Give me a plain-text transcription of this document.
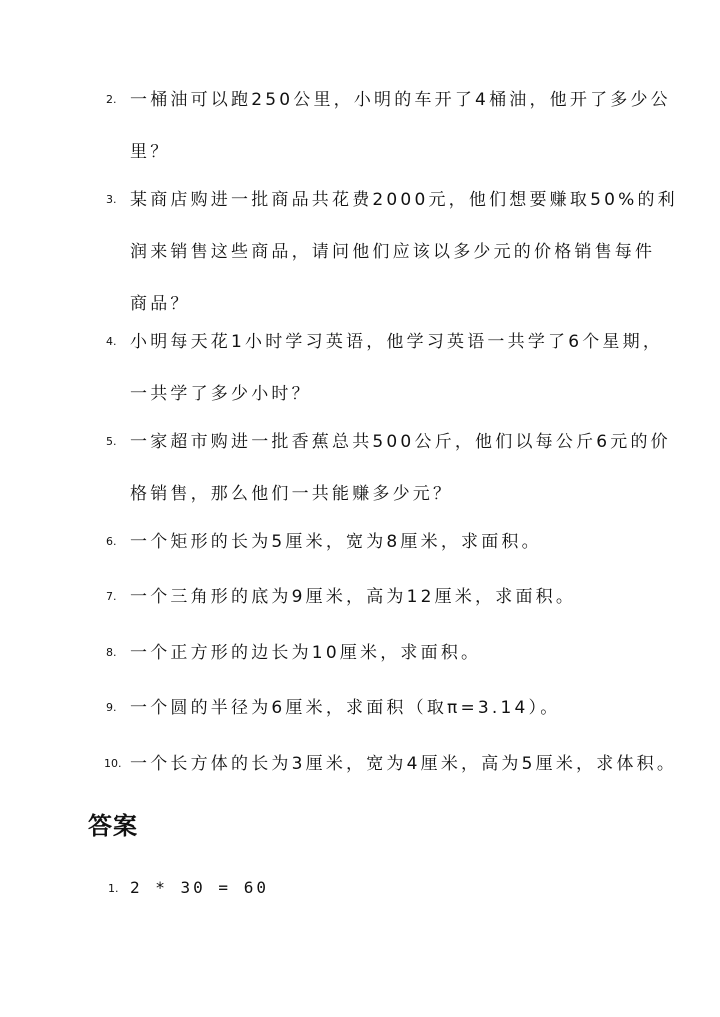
2. 一桶油可以跑250公里，小明的车开了4桶油，他开了多少公
里？
3. 某商店购进一批商品共花费2000元，他们想要赚取50%的利
润来销售这些商品，请问他们应该以多少元的价格销售每件
商品？
4. 小明每天花1小时学习英语，他学习英语一共学了6个星期，
一共学了多少小时？
5. 一家超市购进一批香蕉总共500公斤，他们以每公斤6元的价
格销售，那么他们一共能赚多少元？
6. 一个矩形的长为5厘米，宽为8厘米，求面积。
7. 一个三角形的底为9厘米，高为12厘米，求面积。
8. 一个正方形的边长为10厘米，求面积。
9. 一个圆的半径为6厘米，求面积（取π=3.14）。
10. 一个长方体的长为3厘米，宽为4厘米，高为5厘米，求体积。
答案
1. 2 * 30 = 60
